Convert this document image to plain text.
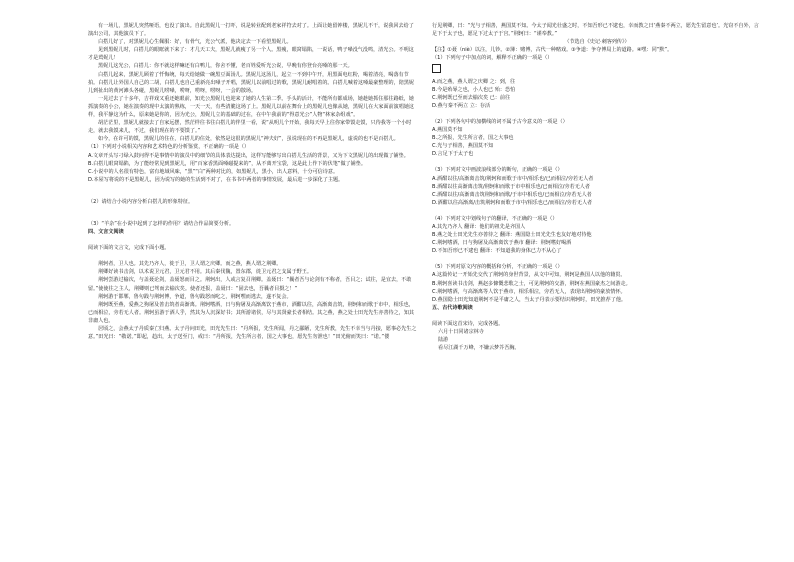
有一场儿，黑妮儿突然哑语，也没了演出。自此黑妮儿一打吓，说是转业配到老家祥符去对了。上面让她留钟楼，黑妮儿不干，说我回去给了演出公司，其他演员下了。

白搭儿好了，对黑妮儿心生佩服：好，有骨气，光公气派，他决定去一下看望黑妮儿。

见到黑妮儿时，白搭儿的眼眶就下来了：才几天工夫，黑妮儿就瘦了另一个人。黑瘦，眼窝塌陷，一说话，鸭子嗓没气没鸣，清光公。不明这才是蔫妮儿！

黑妮儿这光公，白搭儿：你不就这样嘛还有白鸭儿，你舍不懂，老百姓爱听光公说，早晚有你登台亮嗓的那一天。

白搭儿起来，黑妮儿顾着了忏悔统，每天给她做一碗黑豆面汤儿。黑妮儿这汤儿，起立一不到中午开，用黑面电红粉，喝着清亮，喝落有节拍。白搭儿让外国人自己的二胡，白搭儿也自己重新亮出嗓子开唱，黑妮儿以前唱过的歌，黑妮儿耐唱着的。白搭儿喊着这嗓最豪整理的，陪黑妮儿到扯出的黄河滩头各碰，黑妮儿唠嗓，唠呀，唠呀，唠呀，一会的散场。

一晃过去了十多年，吉祥戏又重还她眼前，知光公黑妮儿也迎来了她的人生第二季。手头的活计，不能所有都成场，她趁她抓住那往路纸，她抓演奏的小公，她在演奏的现中太演的熟练，一天一天，有些清脆这场了上。黑妮儿以前在舞台上的黑妮儿也像从她，黑妮儿在大家面前演唱她这样，我平静这为什么，原来她是你的，因为光公，黑妮儿立的基础的过在，在中午我前的“得意光公”人物“林家杂组戏”。

胡茫茫里，黑妮儿就接去了自家远摆，然茫样往书往白搭儿的伴里一看，说“从明儿个开始，我每天早上往你家带馍走馍，只待我等一个小时走，就去我馍来儿，不过，我们现在的不要馍了。”

如今，在许可的馍，黑妮儿的住在，白搭儿的住处，依然是这很的黑妮儿“神夫好”，虽说现在的不再是黑妮儿，虚说的也不是百搭儿。

（1）下列对小说相关内容和艺术特色的分析鉴赏，不正确的一项是（）

A.文章开头写刁绿入鼓问得不是事情中的演员中的细节的具体表达提出，这样写能够写出白搭儿生活的背景，又为下文黑妮儿的出现做了铺垫。

B.白搭儿眼窝塌陷，为了能经常见到黑妮儿，用“百家香黑面嗓磁提来的”，从不离开宝袋，这是此上作下的伏笔”做了铺垫。

C.小说中的人名很有特色，富有地域风味，“黑”“白”两种对比的，如黑妮儿，黑小，出人意料，十分可信诗意。

D.本屋写将说的不是黑妮儿，因为说写的她的生活到不对了，在书书中两者的事情发展，最后进一步深化了主题。

（2）请结合小说内容分析白搭儿的形象特征。

（3）“羊杂”在小说中起到了怎样的作用？请结合作品简要分析。

四、文言文阅读

阅读下面的文言文，完成下面小题。

荆轲者，卫人也。其先乃齐人，徙于卫，卫人谓之庆卿。而之燕，燕人谓之荆卿。

荆卿好读书击剑，以术说卫元君，卫元君不用。其后秦伐魏，置东郡，徙卫元君之支属于野王。

荆轲尝游过榆次，与盖聂论剑，盖聂怒而目之。荆轲出，人或言复召荆卿。盖聂曰：“曩者吾与论剑有不称者，吾目之；试往，是宜去，不敢留。”使使往之主人，荆卿则已驾而去榆次矣。使者还报，盖聂曰：“固去也，吾曩者目摄之！”

荆轲游于邯郸，鲁句践与荆轲博，争道，鲁句践怒而叱之，荆轲嘿而逃去，遂不复会。

荆轲既至燕，爱燕之狗屠及善击筑者高渐离。荆轲嗜酒，日与狗屠及高渐离饮于燕市，酒酣以往，高渐离击筑，荆轲和而歌于市中，相乐也，已而相泣，旁若无人者。荆轲虽游于酒人乎，然其为人沉深好书；其所游诸侯，尽与其贤豪长者相结。其之燕，燕之处士田光先生亦善待之，知其非庸人也。

居顷之，会燕太子丹质秦亡归燕。太子丹问田光，田光先生曰：“丹所报，先生所闻，丹之鄙陋，先生所教，先生不幸当与丹接，愿事必先生之意。”田光曰：“敬诺。”即起，趋出，太子送至门，戒曰：“丹所报，先生所言者，国之大事也，愿先生勿泄也！”田光俯而笑曰：“诺。”偻

行见荆卿，曰：“光与子相善，燕国莫不知。今太子闻光壮盛之时，不知吾形已不逮也，幸而教之曰‘燕秦不两立，愿先生留意也’。光窃不自外，言足下于太子也，愿足下过太子于宫。”荆轲曰：“谨奉教。”

（节选自《史记·刺客列传》）

【注】①聂（niè）以注，儿钞。②簿：赌博，古代一种赌戏。③争道：争夺博局上的道路。④嘿：同“默”。

（1）下列句子中加点的词，解释不正确的一项是（）

A.而之燕，燕人谓之庆卿 之：到，往

B.今是殆辱之也，小人也已 殆：恐怕

C.荆轲既已至而去榆次矣 已：前往

D.燕与秦不两立 立：存活

（2）下列各句中的加横线的词不属于古今意义的一项是（）

A.燕国莫不知

B.之所报，先生所言者，国之大事也

C.光与子相善，燕国莫不知

D.言足下于太子也

（3）下列对文中画波浪线部分的断句，正确的一项是（）

A.酒酣以往/高渐离击筑/荆轲和而歌于市中/相乐也/已而相泣/旁若无人者

B.酒酣以往高渐离击筑/荆轲和而歌于市中相乐也/已而相泣/旁若无人者

C.酒酣以往/高渐离击筑荆轲和而歌/于市中相乐也/已而相泣/旁若无人者

D.酒酣以往高渐离/击筑荆轲和而歌于市中/相乐也已/而相泣/旁若无人者

（4）下列对文中划线句子的翻译，不正确的一项是（）

A.其先乃齐人 翻译：他们的祖先是齐国人

B.燕之处士田光先生亦善待之 翻译：燕国隐士田光先生也友好地对待他

C.荆轲嗜酒，日与狗屠及高渐离饮于燕市 翻译：荆轲嗜好喝酒

D.不知吾形已不逮也 翻译：不知道我的身体已力不从心了

（5）下列对原文内容的概括和分析，不正确的一项是（）

A.这篇传记一开始先交代了荆轲的身世背景，从文中可知，荆轲是燕国人以他的籍贯。

B.荆轲喜读书击剑，燕赵多慷慨悲歌之士，可见荆轲的交游，荆轲在燕国豪杰之间游走。

C.荆轲嗜酒，与高渐离等人饮于燕市，相乐相泣，旁若无人，表现出荆轲的豪放情怀。

D.燕国隐士田光知道荆轲不是平庸之人，当太子丹表示要结识荆轲时，田光推荐了他。

五、古代诗歌阅读

阅读下面这首宋诗，完成各题。

六月十日同诸宗林寺

陆游

看尽江湖千万峰，不嫌云梦芥吾胸。
